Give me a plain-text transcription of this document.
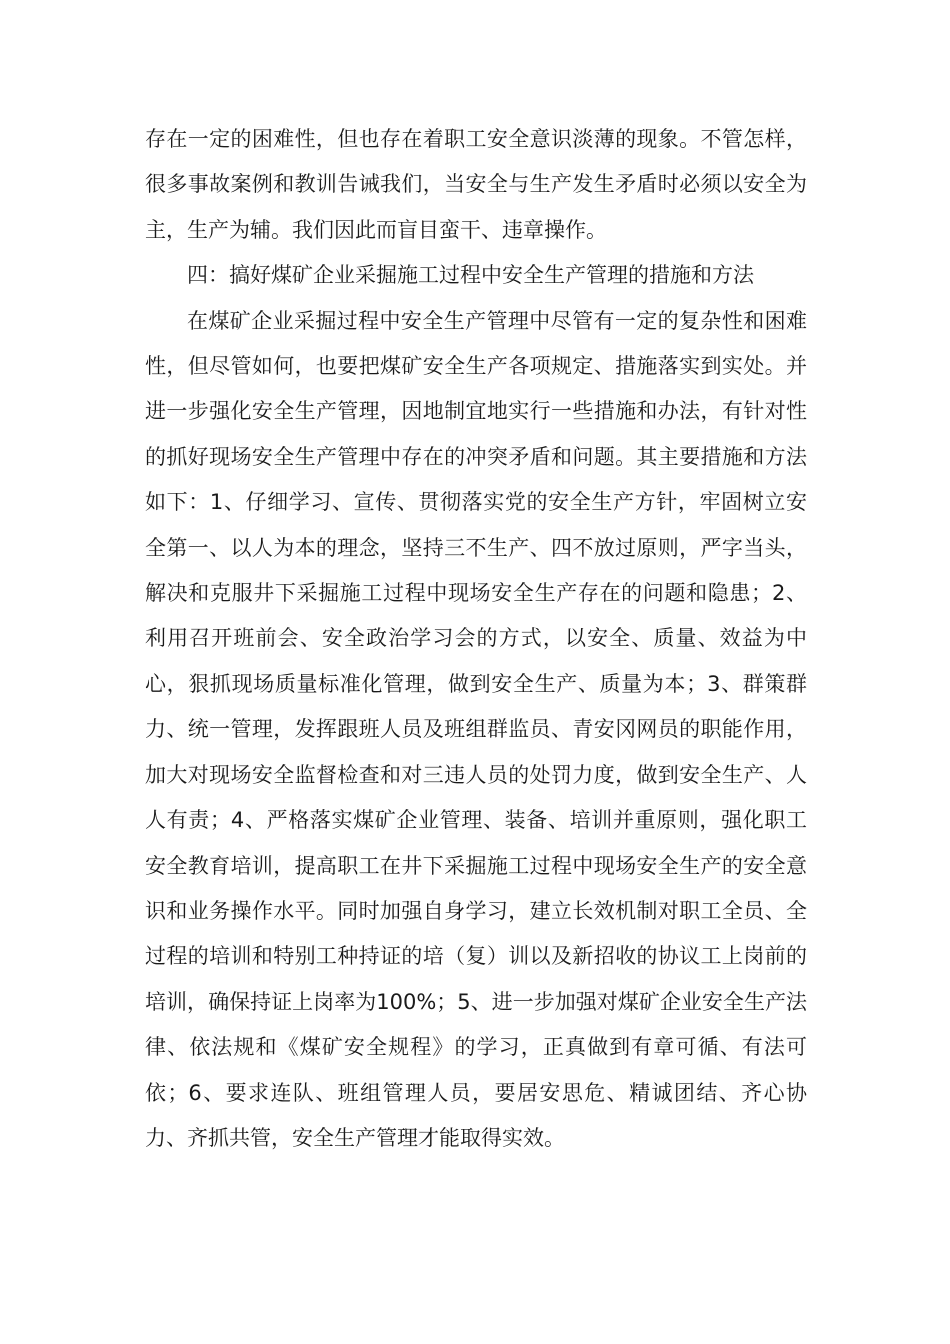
存在一定的困难性，但也存在着职工安全意识淡薄的现象。不管怎样，很多事故案例和教训告诫我们，当安全与生产发生矛盾时必须以安全为主，生产为辅。我们因此而盲目蛮干、违章操作。

四：搞好煤矿企业采掘施工过程中安全生产管理的措施和方法

在煤矿企业采掘过程中安全生产管理中尽管有一定的复杂性和困难性，但尽管如何，也要把煤矿安全生产各项规定、措施落实到实处。并进一步强化安全生产管理，因地制宜地实行一些措施和办法，有针对性的抓好现场安全生产管理中存在的冲突矛盾和问题。其主要措施和方法如下：1、仔细学习、宣传、贯彻落实党的安全生产方针，牢固树立安全第一、以人为本的理念，坚持三不生产、四不放过原则，严字当头，解决和克服井下采掘施工过程中现场安全生产存在的问题和隐患；2、利用召开班前会、安全政治学习会的方式，以安全、质量、效益为中心，狠抓现场质量标准化管理，做到安全生产、质量为本；3、群策群力、统一管理，发挥跟班人员及班组群监员、青安冈网员的职能作用，加大对现场安全监督检查和对三违人员的处罚力度，做到安全生产、人人有责；4、严格落实煤矿企业管理、装备、培训并重原则，强化职工安全教育培训，提高职工在井下采掘施工过程中现场安全生产的安全意识和业务操作水平。同时加强自身学习，建立长效机制对职工全员、全过程的培训和特别工种持证的培（复）训以及新招收的协议工上岗前的培训，确保持证上岗率为100%；5、进一步加强对煤矿企业安全生产法律、依法规和《煤矿安全规程》的学习，正真做到有章可循、有法可依；6、要求连队、班组管理人员，要居安思危、精诚团结、齐心协力、齐抓共管，安全生产管理才能取得实效。
